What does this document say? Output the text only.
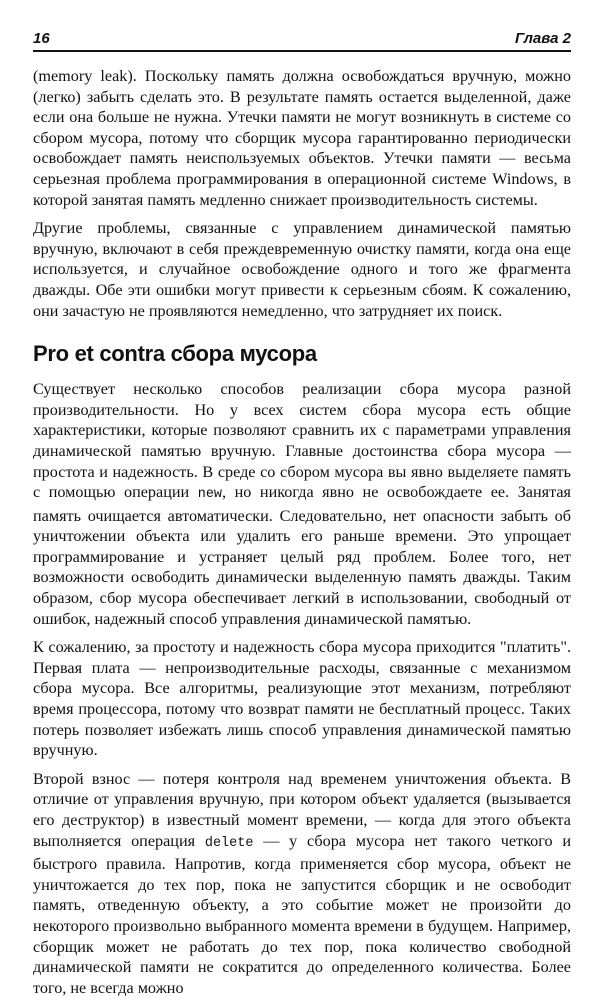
16	Глава 2

(memory leak). Поскольку память должна освобождаться вручную, можно (легко) забыть сделать это. В результате память остается выделенной, даже если она больше не нужна. Утечки памяти не могут возникнуть в системе со сбором мусора, потому что сборщик мусора гарантированно периодически освобождает память неиспользуемых объектов. Утечки памяти — весьма серьезная проблема программирования в операционной системе Windows, в которой занятая память медленно снижает производительность системы.

Другие проблемы, связанные с управлением динамической памятью вручную, включают в себя преждевременную очистку памяти, когда она еще используется, и случайное освобождение одного и того же фрагмента дважды. Обе эти ошибки могут привести к серьезным сбоям. К сожалению, они зачастую не проявляются немедленно, что затрудняет их поиск.

Pro et contra сбора мусора

Существует несколько способов реализации сбора мусора разной производительности. Но у всех систем сбора мусора есть общие характеристики, которые позволяют сравнить их с параметрами управления динамической памятью вручную. Главные достоинства сбора мусора — простота и надежность. В среде со сбором мусора вы явно выделяете память с помощью операции new, но никогда явно не освобождаете ее. Занятая память очищается автоматически. Следовательно, нет опасности забыть об уничтожении объекта или удалить его раньше времени. Это упрощает программирование и устраняет целый ряд проблем. Более того, нет возможности освободить динамически выделенную память дважды. Таким образом, сбор мусора обеспечивает легкий в использовании, свободный от ошибок, надежный способ управления динамической памятью.

К сожалению, за простоту и надежность сбора мусора приходится "платить". Первая плата — непроизводительные расходы, связанные с механизмом сбора мусора. Все алгоритмы, реализующие этот механизм, потребляют время процессора, потому что возврат памяти не бесплатный процесс. Таких потерь позволяет избежать лишь способ управления динамической памятью вручную.

Второй взнос — потеря контроля над временем уничтожения объекта. В отличие от управления вручную, при котором объект удаляется (вызывается его деструктор) в известный момент времени, — когда для этого объекта выполняется операция delete — у сбора мусора нет такого четкого и быстрого правила. Напротив, когда применяется сбор мусора, объект не уничтожается до тех пор, пока не запустится сборщик и не освободит память, отведенную объекту, а это событие может не произойти до некоторого произвольно выбранного момента времени в будущем. Например, сборщик может не работать до тех пор, пока количество свободной динамической памяти не сократится до определенного количества. Более того, не всегда можно
